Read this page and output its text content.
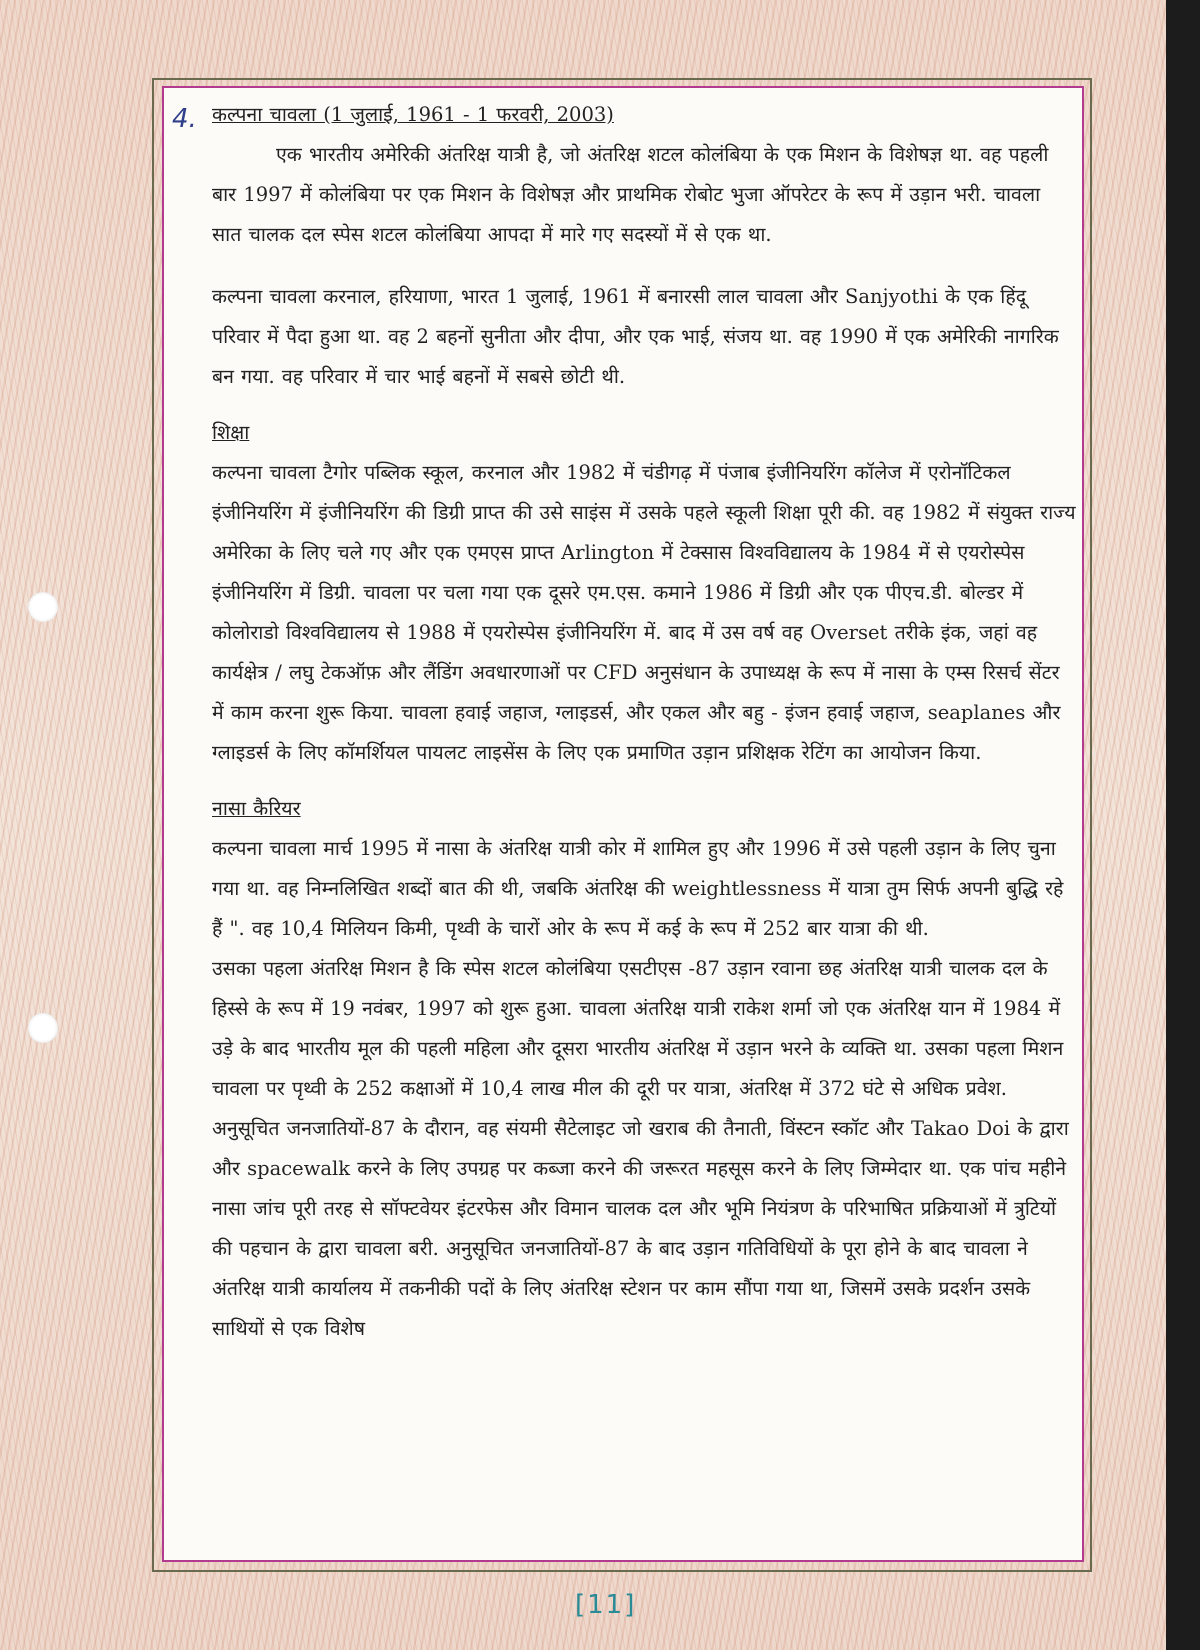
4. कल्पना चावला (1 जुलाई, 1961 - 1 फरवरी, 2003)

एक भारतीय अमेरिकी अंतरिक्ष यात्री है, जो अंतरिक्ष शटल कोलंबिया के एक मिशन के विशेषज्ञ था. वह पहली बार 1997 में कोलंबिया पर एक मिशन के विशेषज्ञ और प्राथमिक रोबोट भुजा ऑपरेटर के रूप में उड़ान भरी. चावला सात चालक दल स्पेस शटल कोलंबिया आपदा में मारे गए सदस्यों में से एक था.

कल्पना चावला करनाल, हरियाणा, भारत 1 जुलाई, 1961 में बनारसी लाल चावला और Sanjyothi के एक हिंदू परिवार में पैदा हुआ था. वह 2 बहनों सुनीता और दीपा, और एक भाई, संजय था. वह 1990 में एक अमेरिकी नागरिक बन गया. वह परिवार में चार भाई बहनों में सबसे छोटी थी.

शिक्षा

कल्पना चावला टैगोर पब्लिक स्कूल, करनाल और 1982 में चंडीगढ़ में पंजाब इंजीनियरिंग कॉलेज में एरोनॉटिकल इंजीनियरिंग में इंजीनियरिंग की डिग्री प्राप्त की उसे साइंस में उसके पहले स्कूली शिक्षा पूरी की. वह 1982 में संयुक्त राज्य अमेरिका के लिए चले गए और एक एमएस प्राप्त Arlington में टेक्सास विश्वविद्यालय के 1984 में से एयरोस्पेस इंजीनियरिंग में डिग्री. चावला पर चला गया एक दूसरे एम.एस. कमाने 1986 में डिग्री और एक पीएच.डी. बोल्डर में कोलोराडो विश्वविद्यालय से 1988 में एयरोस्पेस इंजीनियरिंग में. बाद में उस वर्ष वह Overset तरीके इंक, जहां वह कार्यक्षेत्र / लघु टेकऑफ़ और लैंडिंग अवधारणाओं पर CFD अनुसंधान के उपाध्यक्ष के रूप में नासा के एम्स रिसर्च सेंटर में काम करना शुरू किया. चावला हवाई जहाज, ग्लाइडर्स, और एकल और बहु - इंजन हवाई जहाज, seaplanes और ग्लाइडर्स के लिए कॉमर्शियल पायलट लाइसेंस के लिए एक प्रमाणित उड़ान प्रशिक्षक रेटिंग का आयोजन किया.

नासा कैरियर

कल्पना चावला मार्च 1995 में नासा के अंतरिक्ष यात्री कोर में शामिल हुए और 1996 में उसे पहली उड़ान के लिए चुना गया था. वह निम्नलिखित शब्दों बात की थी, जबकि अंतरिक्ष की weightlessness में यात्रा तुम सिर्फ अपनी बुद्धि रहे हैं ". वह 10,4 मिलियन किमी, पृथ्वी के चारों ओर के रूप में कई के रूप में 252 बार यात्रा की थी.

उसका पहला अंतरिक्ष मिशन है कि स्पेस शटल कोलंबिया एसटीएस -87 उड़ान रवाना छह अंतरिक्ष यात्री चालक दल के हिस्से के रूप में 19 नवंबर, 1997 को शुरू हुआ. चावला अंतरिक्ष यात्री राकेश शर्मा जो एक अंतरिक्ष यान में 1984 में उड़े के बाद भारतीय मूल की पहली महिला और दूसरा भारतीय अंतरिक्ष में उड़ान भरने के व्यक्ति था. उसका पहला मिशन चावला पर पृथ्वी के 252 कक्षाओं में 10,4 लाख मील की दूरी पर यात्रा, अंतरिक्ष में 372 घंटे से अधिक प्रवेश. अनुसूचित जनजातियों-87 के दौरान, वह संयमी सैटेलाइट जो खराब की तैनाती, विंस्टन स्कॉट और Takao Doi के द्वारा और spacewalk करने के लिए उपग्रह पर कब्जा करने की जरूरत महसूस करने के लिए जिम्मेदार था. एक पांच महीने नासा जांच पूरी तरह से सॉफ्टवेयर इंटरफेस और विमान चालक दल और भूमि नियंत्रण के परिभाषित प्रक्रियाओं में त्रुटियों की पहचान के द्वारा चावला बरी. अनुसूचित जनजातियों-87 के बाद उड़ान गतिविधियों के पूरा होने के बाद चावला ने अंतरिक्ष यात्री कार्यालय में तकनीकी पदों के लिए अंतरिक्ष स्टेशन पर काम सौंपा गया था, जिसमें उसके प्रदर्शन उसके साथियों से एक विशेष

[11]
